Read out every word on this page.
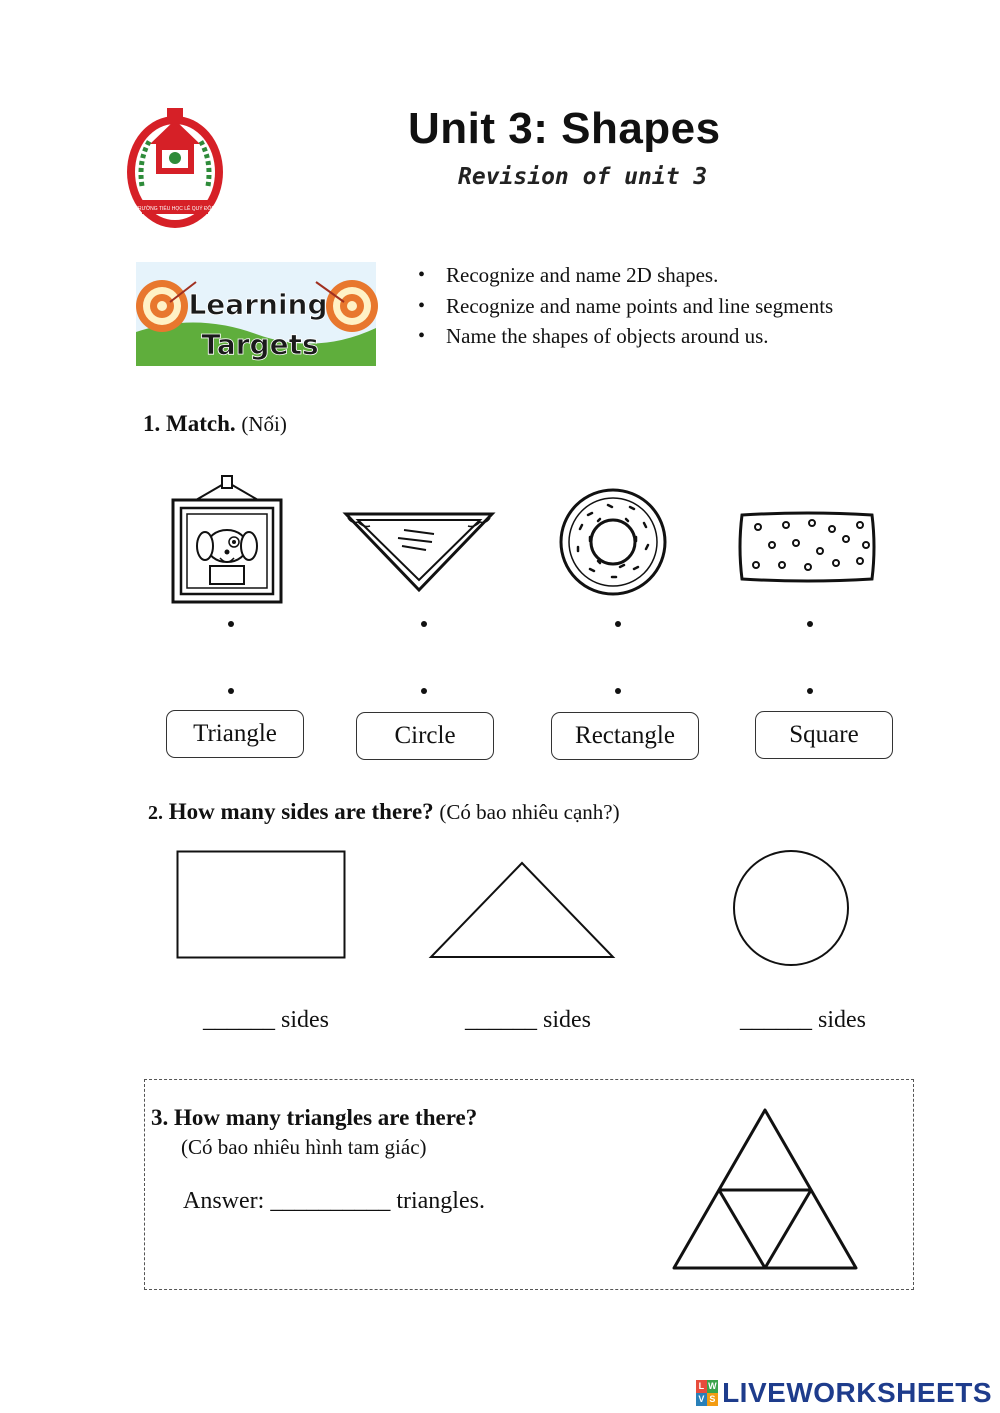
TRƯỜNG TIỂU HỌC LÊ QUÝ ĐÔN
Unit 3: Shapes
Revision of unit 3
Learning
Targets
• Recognize and name 2D shapes.
• Recognize and name points and line segments
• Name the shapes of objects around us.
1. Match. (Nối)
Triangle	Circle	Rectangle	Square
2. How many sides are there? (Có bao nhiêu cạnh?)
______ sides	______ sides	______ sides
3. How many triangles are there?
(Có bao nhiêu hình tam giác)
Answer: __________ triangles.
L W
V S LIVEWORKSHEETS
